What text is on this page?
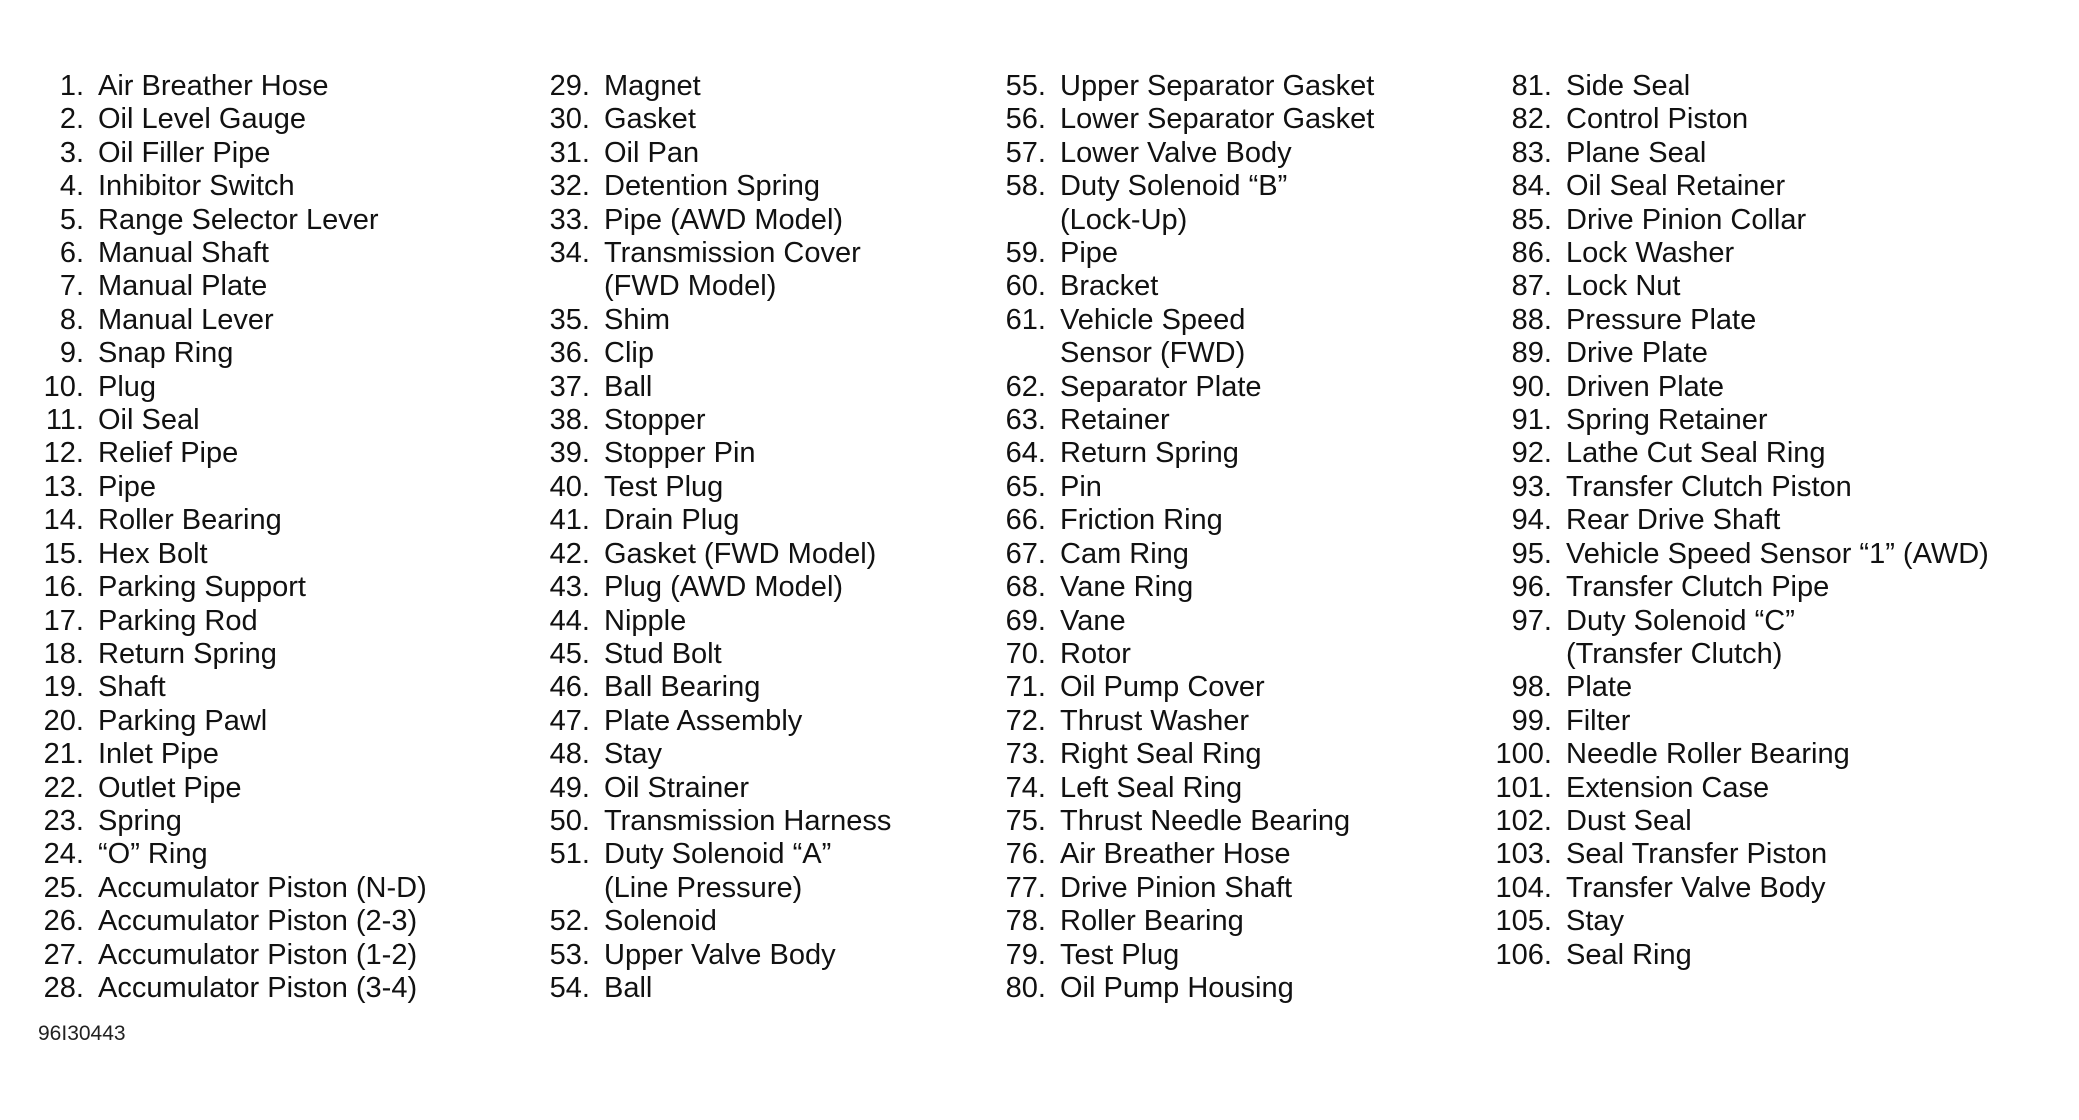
1. Air Breather Hose
2. Oil Level Gauge
3. Oil Filler Pipe
4. Inhibitor Switch
5. Range Selector Lever
6. Manual Shaft
7. Manual Plate
8. Manual Lever
9. Snap Ring
10. Plug
11. Oil Seal
12. Relief Pipe
13. Pipe
14. Roller Bearing
15. Hex Bolt
16. Parking Support
17. Parking Rod
18. Return Spring
19. Shaft
20. Parking Pawl
21. Inlet Pipe
22. Outlet Pipe
23. Spring
24. “O” Ring
25. Accumulator Piston (N-D)
26. Accumulator Piston (2-3)
27. Accumulator Piston (1-2)
28. Accumulator Piston (3-4)
29. Magnet
30. Gasket
31. Oil Pan
32. Detention Spring
33. Pipe (AWD Model)
34. Transmission Cover
(FWD Model)
35. Shim
36. Clip
37. Ball
38. Stopper
39. Stopper Pin
40. Test Plug
41. Drain Plug
42. Gasket (FWD Model)
43. Plug (AWD Model)
44. Nipple
45. Stud Bolt
46. Ball Bearing
47. Plate Assembly
48. Stay
49. Oil Strainer
50. Transmission Harness
51. Duty Solenoid “A”
(Line Pressure)
52. Solenoid
53. Upper Valve Body
54. Ball
55. Upper Separator Gasket
56. Lower Separator Gasket
57. Lower Valve Body
58. Duty Solenoid “B”
(Lock-Up)
59. Pipe
60. Bracket
61. Vehicle Speed
Sensor (FWD)
62. Separator Plate
63. Retainer
64. Return Spring
65. Pin
66. Friction Ring
67. Cam Ring
68. Vane Ring
69. Vane
70. Rotor
71. Oil Pump Cover
72. Thrust Washer
73. Right Seal Ring
74. Left Seal Ring
75. Thrust Needle Bearing
76. Air Breather Hose
77. Drive Pinion Shaft
78. Roller Bearing
79. Test Plug
80. Oil Pump Housing
81. Side Seal
82. Control Piston
83. Plane Seal
84. Oil Seal Retainer
85. Drive Pinion Collar
86. Lock Washer
87. Lock Nut
88. Pressure Plate
89. Drive Plate
90. Driven Plate
91. Spring Retainer
92. Lathe Cut Seal Ring
93. Transfer Clutch Piston
94. Rear Drive Shaft
95. Vehicle Speed Sensor “1” (AWD)
96. Transfer Clutch Pipe
97. Duty Solenoid “C”
(Transfer Clutch)
98. Plate
99. Filter
100. Needle Roller Bearing
101. Extension Case
102. Dust Seal
103. Seal Transfer Piston
104. Transfer Valve Body
105. Stay
106. Seal Ring
96I30443
